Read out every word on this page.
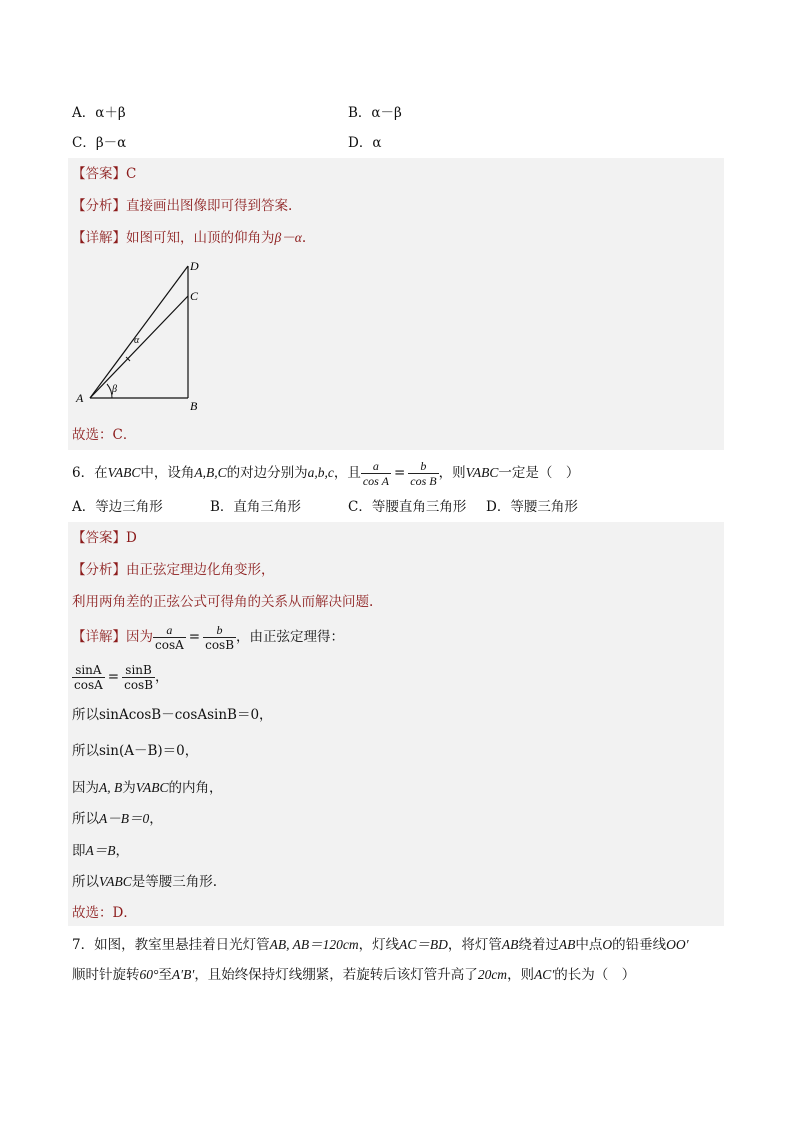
A．α＋β	B．α－β
C．β－α	D．α
【答案】C
【分析】直接画出图像即可得到答案.
【详解】如图可知，山顶的仰角为β－α.
D
C
A
B
α
β
故选：C．
6．在 VABC 中，设角 A,B,C 的对边分别为 a,b,c ，且 $\frac{a}{\text{cos A}} = \frac{b}{\text{cos B}}$ ，则 VABC 一定是（　）
A．等边三角形	B．直角三角形	C．等腰直角三角形 D．等腰三角形
【答案】D
【分析】由正弦定理边化角变形，
利用两角差的正弦公式可得角的关系从而解决问题.
【详解】 因为 $\frac{a}{\cos A} = \frac{b}{\cos B}$ ，由正弦定理得：
$\frac{\sin A}{\cos A} = \frac{\sin B}{\cos B}$ ，
所以sinAcosB－cosAsinB＝0，
所以sin(A－B)＝0，
因为A, B为VABC的内角，
所以A－B＝0，
即A＝B，
所以VABC是等腰三角形.
故选：D．
7．如图，教室里悬挂着日光灯管AB, AB＝120cm，灯线AC＝BD，将灯管AB绕着过AB中点O的铅垂线OO′
顺时针旋转60°至A′B′，且始终保持灯线绷紧，若旋转后该灯管升高了20cm，则AC′的长为（　）
